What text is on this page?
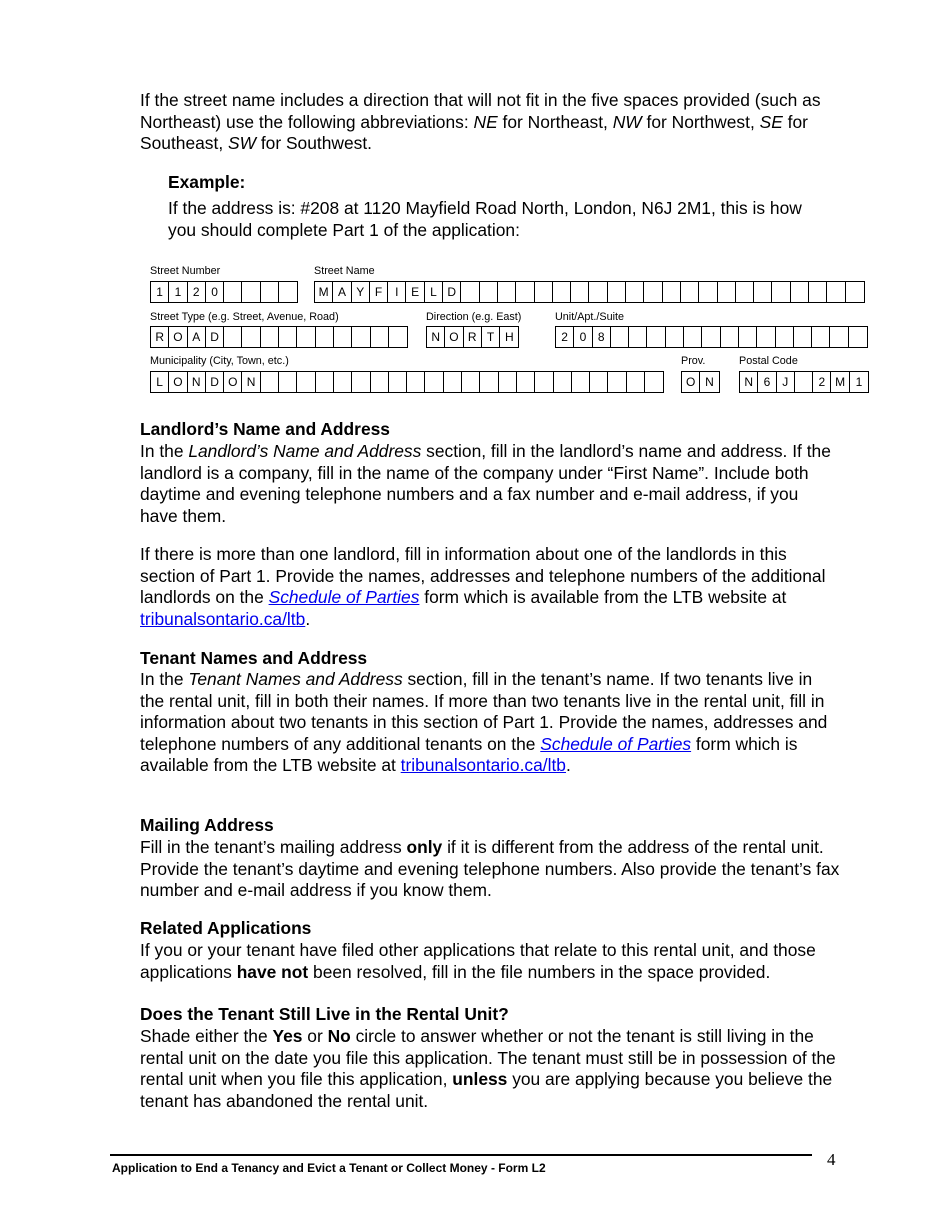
If the street name includes a direction that will not fit in the five spaces provided (such as Northeast) use the following abbreviations: NE for Northeast, NW for Northwest, SE for Southeast, SW for Southwest.

Example:

If the address is: #208 at 1120 Mayfield Road North, London, N6J 2M1, this is how you should complete Part 1 of the application:

Street Number
1 1 2 0
Street Name
M A Y F	I	E L D
Street Type (e.g. Street, Avenue, Road)
R O A D
Direction (e.g. East)
N O R T H
Unit/Apt./Suite
2 0 8
Municipality (City, Town, etc.)
L O N D O N
Prov.
O N
Postal Code
N 6 J	2 M 1

Landlord’s Name and Address

In the Landlord’s Name and Address section, fill in the landlord’s name and address. If the landlord is a company, fill in the name of the company under “First Name”. Include both daytime and evening telephone numbers and a fax number and e-mail address, if you have them.

If there is more than one landlord, fill in information about one of the landlords in this section of Part 1. Provide the names, addresses and telephone numbers of the additional landlords on the Schedule of Parties form which is available from the LTB website at tribunalsontario.ca/ltb.

Tenant Names and Address

In the Tenant Names and Address section, fill in the tenant’s name. If two tenants live in the rental unit, fill in both their names. If more than two tenants live in the rental unit, fill in information about two tenants in this section of Part 1. Provide the names, addresses and telephone numbers of any additional tenants on the Schedule of Parties form which is available from the LTB website at tribunalsontario.ca/ltb.

Mailing Address

Fill in the tenant’s mailing address only if it is different from the address of the rental unit. Provide the tenant’s daytime and evening telephone numbers. Also provide the tenant’s fax number and e-mail address if you know them.

Related Applications

If you or your tenant have filed other applications that relate to this rental unit, and those applications have not been resolved, fill in the file numbers in the space provided.

Does the Tenant Still Live in the Rental Unit?

Shade either the Yes or No circle to answer whether or not the tenant is still living in the rental unit on the date you file this application. The tenant must still be in possession of the rental unit when you file this application, unless you are applying because you believe the tenant has abandoned the rental unit.

4
Application to End a Tenancy and Evict a Tenant or Collect Money - Form L2
